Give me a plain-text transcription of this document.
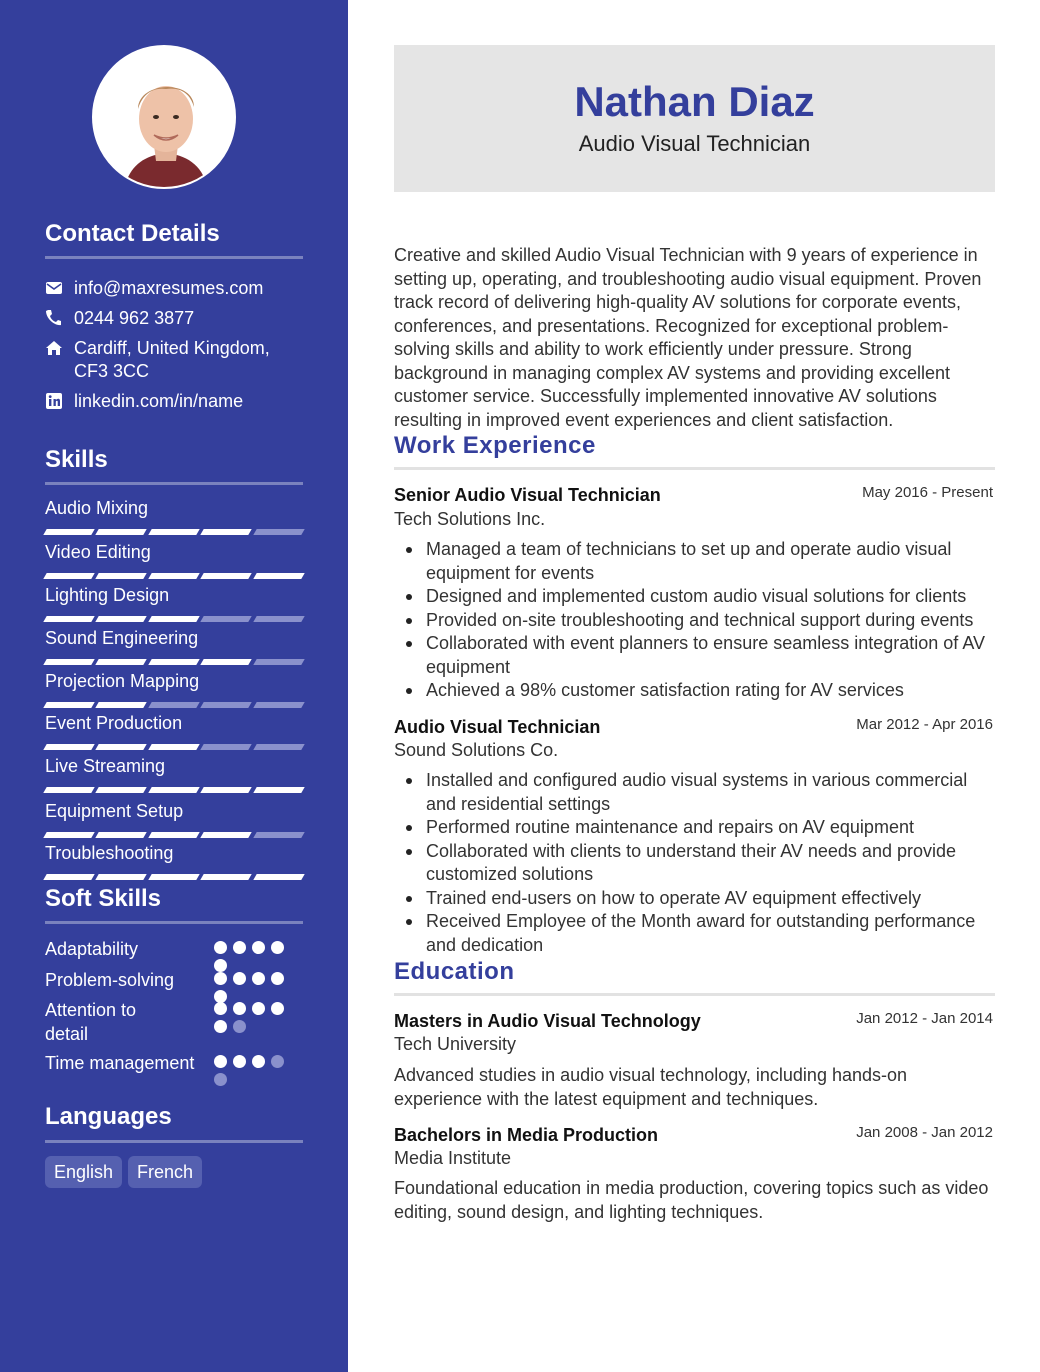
Contact Details
info@maxresumes.com
0244 962 3877
Cardiff, United Kingdom,
CF3 3CC
linkedin.com/in/name
Skills
Audio Mixing
Video Editing
Lighting Design
Sound Engineering
Projection Mapping
Event Production
Live Streaming
Equipment Setup
Troubleshooting
Soft Skills
Adaptability
Problem-solving
Attention to detail
Time management
Languages
English	French
Nathan Diaz
Audio Visual Technician
Creative and skilled Audio Visual Technician with 9 years of experience in setting up, operating, and troubleshooting audio visual equipment. Proven track record of delivering high-quality AV solutions for corporate events, conferences, and presentations. Recognized for exceptional problem-solving skills and ability to work efficiently under pressure. Strong background in managing complex AV systems and providing excellent customer service. Successfully implemented innovative AV solutions resulting in improved event experiences and client satisfaction.
Work Experience
Senior Audio Visual Technician	May 2016 - Present
Tech Solutions Inc.
Managed a team of technicians to set up and operate audio visual equipment for events
Designed and implemented custom audio visual solutions for clients
Provided on-site troubleshooting and technical support during events
Collaborated with event planners to ensure seamless integration of AV equipment
Achieved a 98% customer satisfaction rating for AV services
Audio Visual Technician	Mar 2012 - Apr 2016
Sound Solutions Co.
Installed and configured audio visual systems in various commercial and residential settings
Performed routine maintenance and repairs on AV equipment
Collaborated with clients to understand their AV needs and provide customized solutions
Trained end-users on how to operate AV equipment effectively
Received Employee of the Month award for outstanding performance and dedication
Education
Masters in Audio Visual Technology	Jan 2012 - Jan 2014
Tech University
Advanced studies in audio visual technology, including hands-on experience with the latest equipment and techniques.
Bachelors in Media Production	Jan 2008 - Jan 2012
Media Institute
Foundational education in media production, covering topics such as video editing, sound design, and lighting techniques.
